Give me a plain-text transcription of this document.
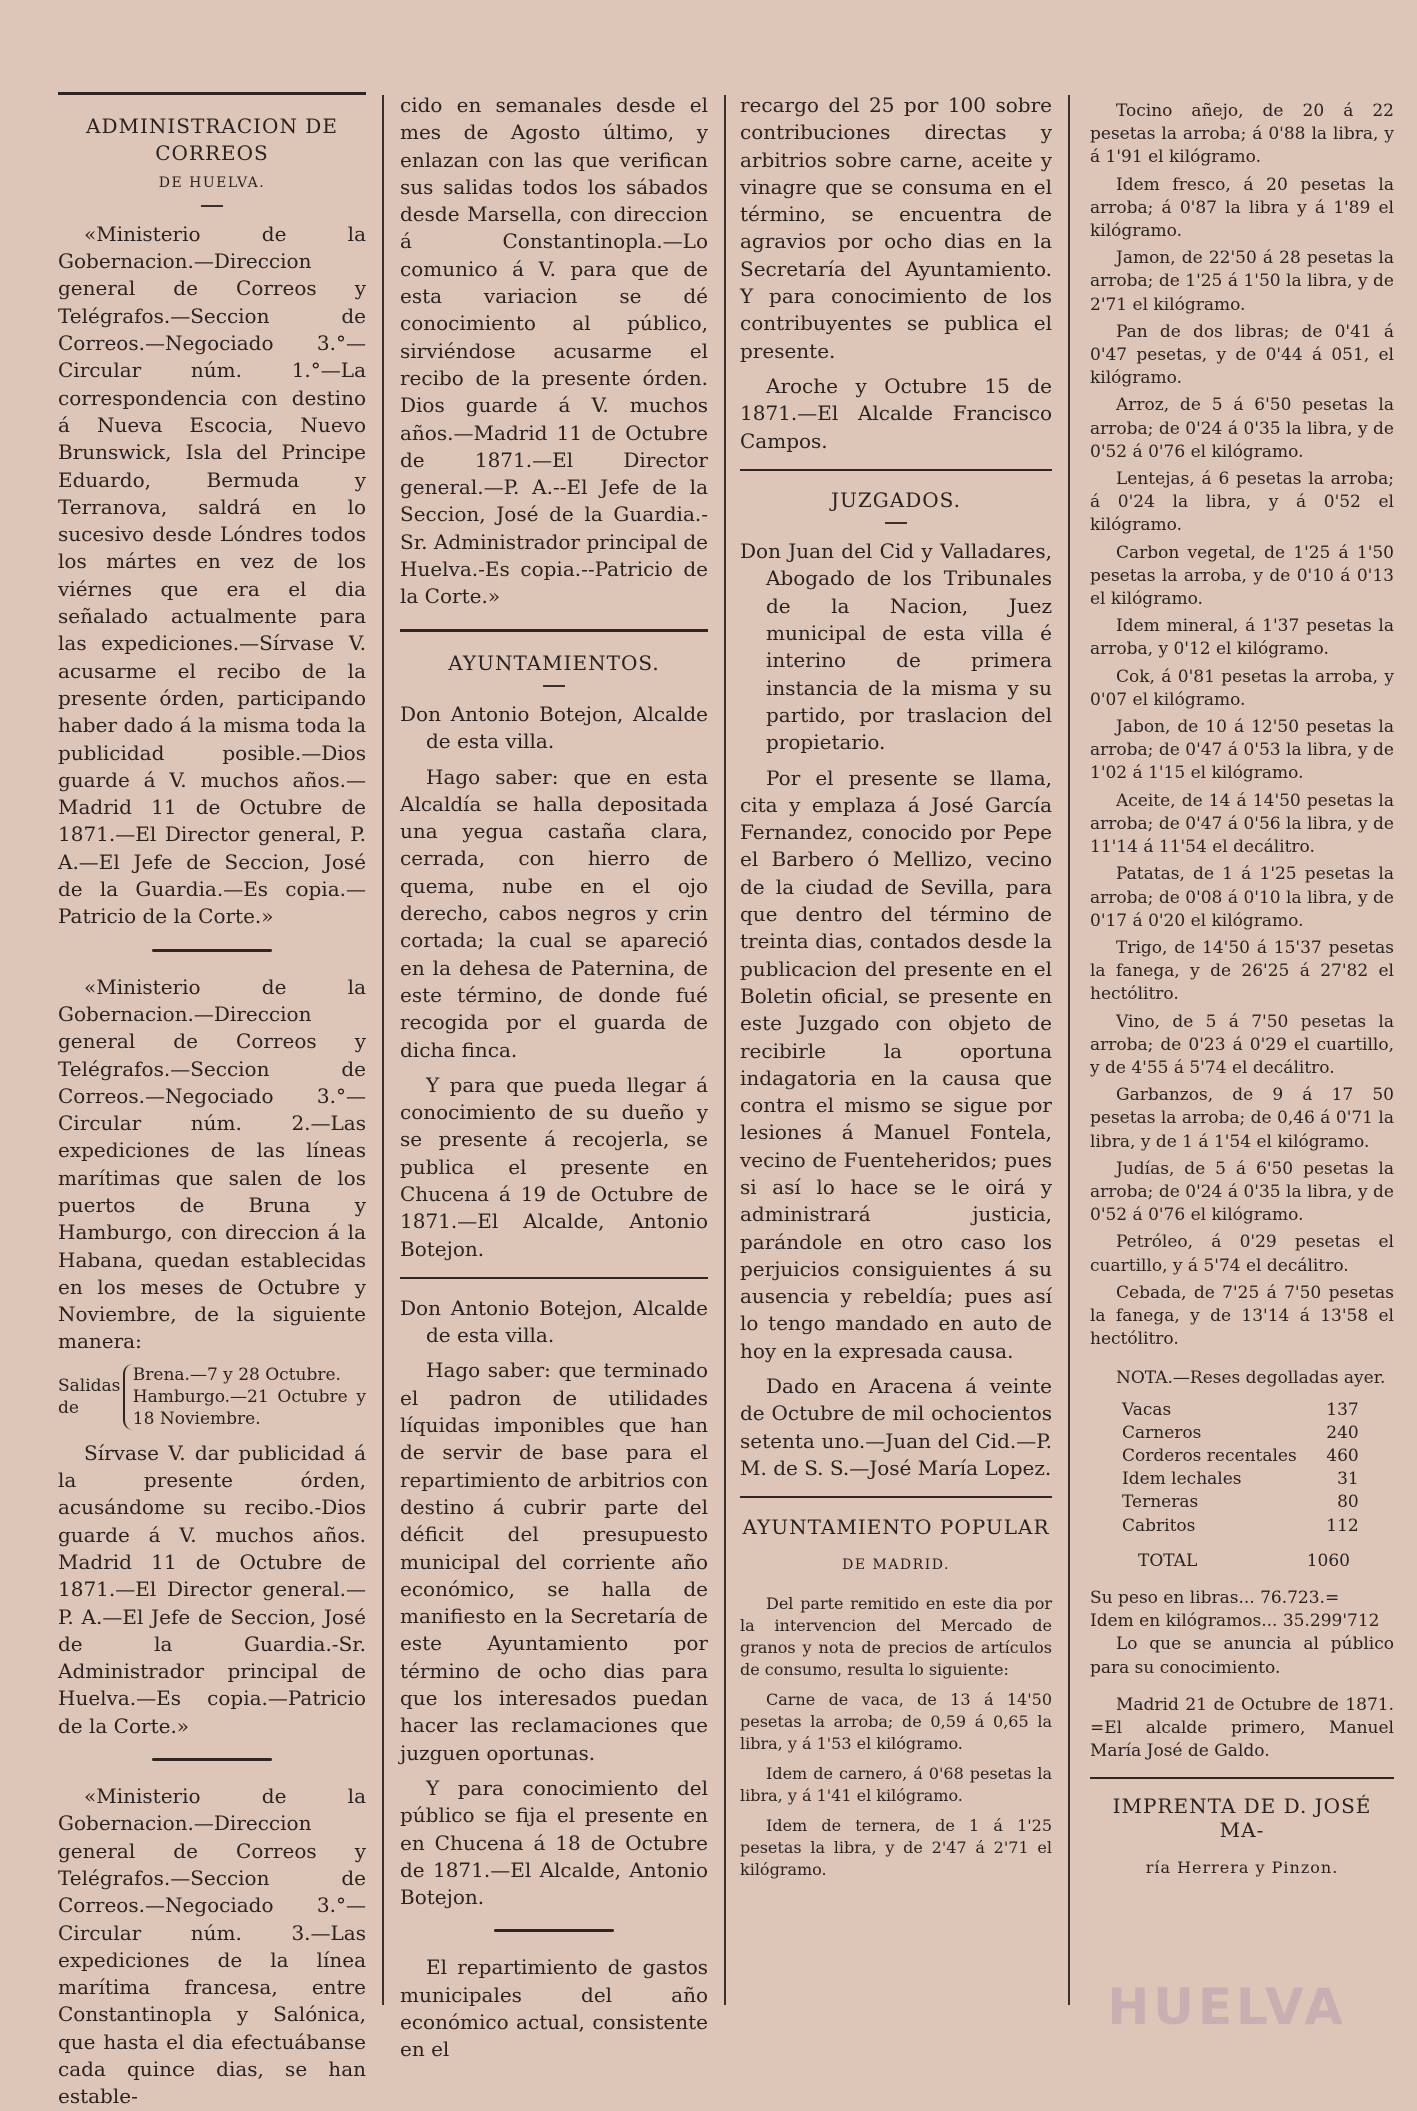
ADMINISTRACION DE CORREOS

DE HUELVA.

«Ministerio de la Gobernacion.—Direccion general de Correos y Telégrafos.—Seccion de Correos.—Negociado 3.°—Circular núm. 1.°—La correspondencia con destino á Nueva Escocia, Nuevo Brunswick, Isla del Principe Eduardo, Bermuda y Terranova, saldrá en lo sucesivo desde Lóndres todos los mártes en vez de los viérnes que era el dia señalado actualmente para las expediciones.—Sírvase V. acusarme el recibo de la presente órden, participando haber dado á la misma toda la publicidad posible.—Dios guarde á V. muchos años.—Madrid 11 de Octubre de 1871.—El Director general, P. A.—El Jefe de Seccion, José de la Guardia.—Es copia.—Patricio de la Corte.»

«Ministerio de la Gobernacion.—Direccion general de Correos y Telégrafos.—Seccion de Correos.—Negociado 3.°—Circular núm. 2.—Las expediciones de las líneas marítimas que salen de los puertos de Bruna y Hamburgo, con direccion á la Habana, quedan establecidas en los meses de Octubre y Noviembre, de la siguiente manera:

Salidas de
Brena.—7 y 28 Octubre.
Hamburgo.—21 Octubre y 18 Noviembre.

Sírvase V. dar publicidad á la presente órden, acusándome su recibo.-Dios guarde á V. muchos años. Madrid 11 de Octubre de 1871.—El Director general.—P. A.—El Jefe de Seccion, José de la Guardia.-Sr. Administrador principal de Huelva.—Es copia.—Patricio de la Corte.»

«Ministerio de la Gobernacion.—Direccion general de Correos y Telégrafos.—Seccion de Correos.—Negociado 3.°—Circular núm. 3.—Las expediciones de la línea marítima francesa, entre Constantinopla y Salónica, que hasta el dia efectuábanse cada quince dias, se han estable-

cido en semanales desde el mes de Agosto último, y enlazan con las que verifican sus salidas todos los sábados desde Marsella, con direccion á Constantinopla.—Lo comunico á V. para que de esta variacion se dé conocimiento al público, sirviéndose acusarme el recibo de la presente órden. Dios guarde á V. muchos años.—Madrid 11 de Octubre de 1871.—El Director general.—P. A.--El Jefe de la Seccion, José de la Guardia.-Sr. Administrador principal de Huelva.-Es copia.--Patricio de la Corte.»

AYUNTAMIENTOS.

Don Antonio Botejon, Alcalde de esta villa.

Hago saber: que en esta Alcaldía se halla depositada una yegua castaña clara, cerrada, con hierro de quema, nube en el ojo derecho, cabos negros y crin cortada; la cual se apareció en la dehesa de Paternina, de este término, de donde fué recogida por el guarda de dicha finca.

Y para que pueda llegar á conocimiento de su dueño y se presente á recojerla, se publica el presente en Chucena á 19 de Octubre de 1871.—El Alcalde, Antonio Botejon.

Don Antonio Botejon, Alcalde de esta villa.

Hago saber: que terminado el padron de utilidades líquidas imponibles que han de servir de base para el repartimiento de arbitrios con destino á cubrir parte del déficit del presupuesto municipal del corriente año económico, se halla de manifiesto en la Secretaría de este Ayuntamiento por término de ocho dias para que los interesados puedan hacer las reclamaciones que juzguen oportunas.

Y para conocimiento del público se fija el presente en en Chucena á 18 de Octubre de 1871.—El Alcalde, Antonio Botejon.

El repartimiento de gastos municipales del año económico actual, consistente en el

recargo del 25 por 100 sobre contribuciones directas y arbitrios sobre carne, aceite y vinagre que se consuma en el término, se encuentra de agravios por ocho dias en la Secretaría del Ayuntamiento. Y para conocimiento de los contribuyentes se publica el presente.

Aroche y Octubre 15 de 1871.—El Alcalde Francisco Campos.

JUZGADOS.

Don Juan del Cid y Valladares, Abogado de los Tribunales de la Nacion, Juez municipal de esta villa é interino de primera instancia de la misma y su partido, por traslacion del propietario.

Por el presente se llama, cita y emplaza á José García Fernandez, conocido por Pepe el Barbero ó Mellizo, vecino de la ciudad de Sevilla, para que dentro del término de treinta dias, contados desde la publicacion del presente en el Boletin oficial, se presente en este Juzgado con objeto de recibirle la oportuna indagatoria en la causa que contra el mismo se sigue por lesiones á Manuel Fontela, vecino de Fuenteheridos; pues si así lo hace se le oirá y administrará justicia, parándole en otro caso los perjuicios consiguientes á su ausencia y rebeldía; pues así lo tengo mandado en auto de hoy en la expresada causa.

Dado en Aracena á veinte de Octubre de mil ochocientos setenta uno.—Juan del Cid.—P. M. de S. S.—José María Lopez.

AYUNTAMIENTO POPULAR

DE MADRID.

Del parte remitido en este dia por la intervencion del Mercado de granos y nota de precios de artículos de consumo, resulta lo siguiente:

Carne de vaca, de 13 á 14'50 pesetas la arroba; de 0,59 á 0,65 la libra, y á 1'53 el kilógramo.

Idem de carnero, á 0'68 pesetas la libra, y á 1'41 el kilógramo.

Idem de ternera, de 1 á 1'25 pesetas la libra, y de 2'47 á 2'71 el kilógramo.

Tocino añejo, de 20 á 22 pesetas la arroba; á 0'88 la libra, y á 1'91 el kilógramo.

Idem fresco, á 20 pesetas la arroba; á 0'87 la libra y á 1'89 el kilógramo.

Jamon, de 22'50 á 28 pesetas la arroba; de 1'25 á 1'50 la libra, y de 2'71 el kilógramo.

Pan de dos libras; de 0'41 á 0'47 pesetas, y de 0'44 á 051, el kilógramo.

Arroz, de 5 á 6'50 pesetas la arroba; de 0'24 á 0'35 la libra, y de 0'52 á 0'76 el kilógramo.

Lentejas, á 6 pesetas la arroba; á 0'24 la libra, y á 0'52 el kilógramo.

Carbon vegetal, de 1'25 á 1'50 pesetas la arroba, y de 0'10 á 0'13 el kilógramo.

Idem mineral, á 1'37 pesetas la arroba, y 0'12 el kilógramo.

Cok, á 0'81 pesetas la arroba, y 0'07 el kilógramo.

Jabon, de 10 á 12'50 pesetas la arroba; de 0'47 á 0'53 la libra, y de 1'02 á 1'15 el kilógramo.

Aceite, de 14 á 14'50 pesetas la arroba; de 0'47 á 0'56 la libra, y de 11'14 á 11'54 el decálitro.

Patatas, de 1 á 1'25 pesetas la arroba; de 0'08 á 0'10 la libra, y de 0'17 á 0'20 el kilógramo.

Trigo, de 14'50 á 15'37 pesetas la fanega, y de 26'25 á 27'82 el hectólitro.

Vino, de 5 á 7'50 pesetas la arroba; de 0'23 á 0'29 el cuartillo, y de 4'55 á 5'74 el decálitro.

Garbanzos, de 9 á 17 50 pesetas la arroba; de 0,46 á 0'71 la libra, y de 1 á 1'54 el kilógramo.

Judías, de 5 á 6'50 pesetas la arroba; de 0'24 á 0'35 la libra, y de 0'52 á 0'76 el kilógramo.

Petróleo, á 0'29 pesetas el cuartillo, y á 5'74 el decálitro.

Cebada, de 7'25 á 7'50 pesetas la fanega, y de 13'14 á 13'58 el hectólitro.

NOTA.—Reses degolladas ayer.

Vacas	137
Carneros	240
Corderos recentales	460
Idem lechales	31
Terneras	80
Cabritos	112
TOTAL	1060

Su peso en libras... 76.723.=

Idem en kilógramos... 35.299'712

Lo que se anuncia al público para su conocimiento.

Madrid 21 de Octubre de 1871. =El alcalde primero, Manuel María José de Galdo.

IMPRENTA DE D. JOSÉ MA-

ría Herrera y Pinzon.

HUELVA
